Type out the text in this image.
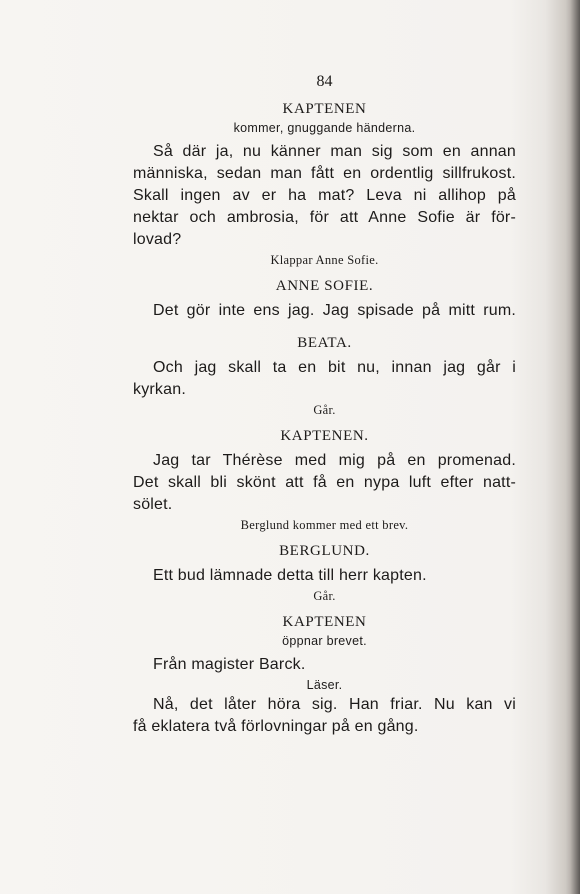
84
KAPTENEN
kommer, gnuggande händerna.
Så där ja, nu känner man sig som en annan
människa, sedan man fått en ordentlig sillfrukost.
Skall ingen av er ha mat? Leva ni allihop på
nektar och ambrosia, för att Anne Sofie är för-
lovad?
Klappar Anne Sofie.
ANNE SOFIE.
Det gör inte ens jag. Jag spisade på mitt rum.
BEATA.
Och jag skall ta en bit nu, innan jag går i
kyrkan.
Går.
KAPTENEN.
Jag tar Thérèse med mig på en promenad.
Det skall bli skönt att få en nypa luft efter natt-
sölet.
Berglund kommer med ett brev.
BERGLUND.
Ett bud lämnade detta till herr kapten.
Går.
KAPTENEN
öppnar brevet.
Från magister Barck.
Läser.
Nå, det låter höra sig. Han friar. Nu kan vi
få eklatera två förlovningar på en gång.
